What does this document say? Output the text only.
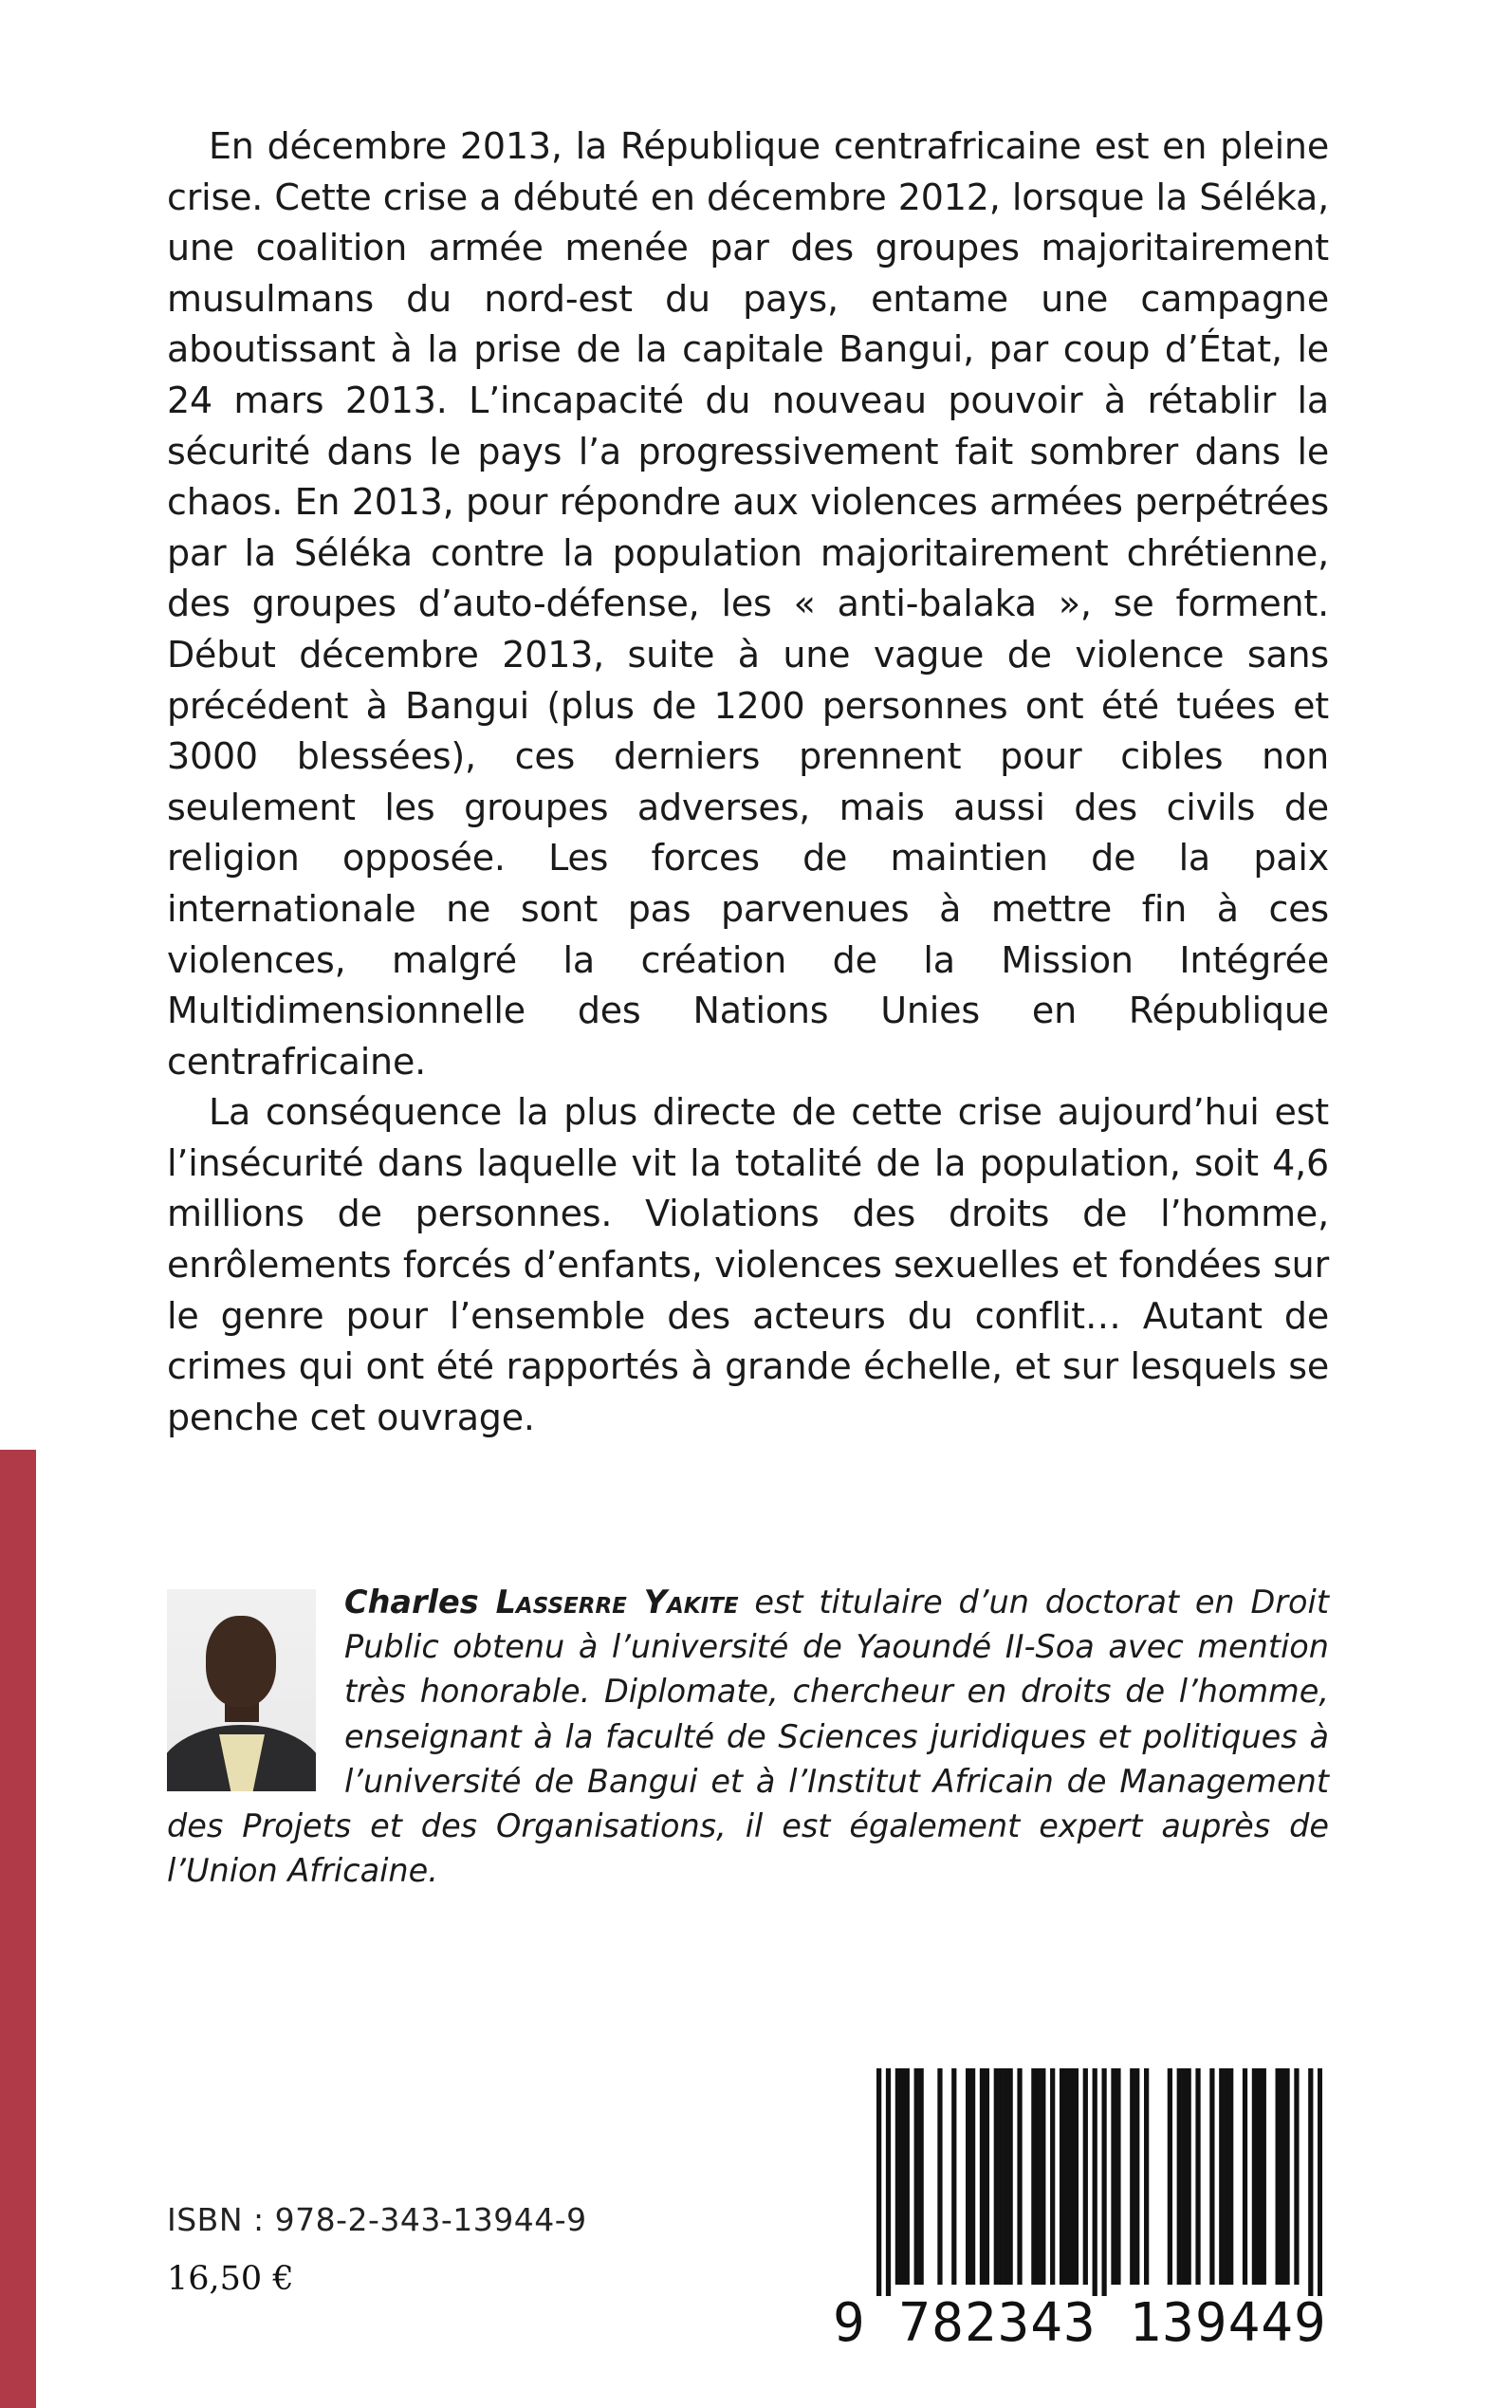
En décembre 2013, la République centrafricaine est en pleine crise. Cette crise a débuté en décembre 2012, lorsque la Séléka, une coalition armée menée par des groupes majoritairement musulmans du nord-est du pays, entame une campagne aboutissant à la prise de la capitale Bangui, par coup d’État, le 24 mars 2013. L’incapacité du nouveau pouvoir à rétablir la sécurité dans le pays l’a progressivement fait sombrer dans le chaos. En 2013, pour répondre aux violences armées perpétrées par la Séléka contre la population majoritairement chrétienne, des groupes d’auto-défense, les « anti-balaka », se forment. Début décembre 2013, suite à une vague de violence sans précédent à Bangui (plus de 1200 personnes ont été tuées et 3000 blessées), ces derniers prennent pour cibles non seulement les groupes adverses, mais aussi des civils de religion opposée. Les forces de maintien de la paix internationale ne sont pas parvenues à mettre fin à ces violences, malgré la création de la Mission Intégrée Multidimensionnelle des Nations Unies en République centrafricaine.

La conséquence la plus directe de cette crise aujourd’hui est l’insécurité dans laquelle vit la totalité de la population, soit 4,6 millions de personnes. Violations des droits de l’homme, enrôlements forcés d’enfants, violences sexuelles et fondées sur le genre pour l’ensemble des acteurs du conflit… Autant de crimes qui ont été rapportés à grande échelle, et sur lesquels se penche cet ouvrage.

Charles Lasserre Yakite est titulaire d’un doctorat en Droit Public obtenu à l’université de Yaoundé II-Soa avec mention très honorable. Diplomate, chercheur en droits de l’homme, enseignant à la faculté de Sciences juridiques et politiques à l’université de Bangui et à l’Institut Africain de Management des Projets et des Organisations, il est également expert auprès de l’Union Africaine.
ISBN : 978-2-343-13944-9
16,50 €
9 782343 139449
